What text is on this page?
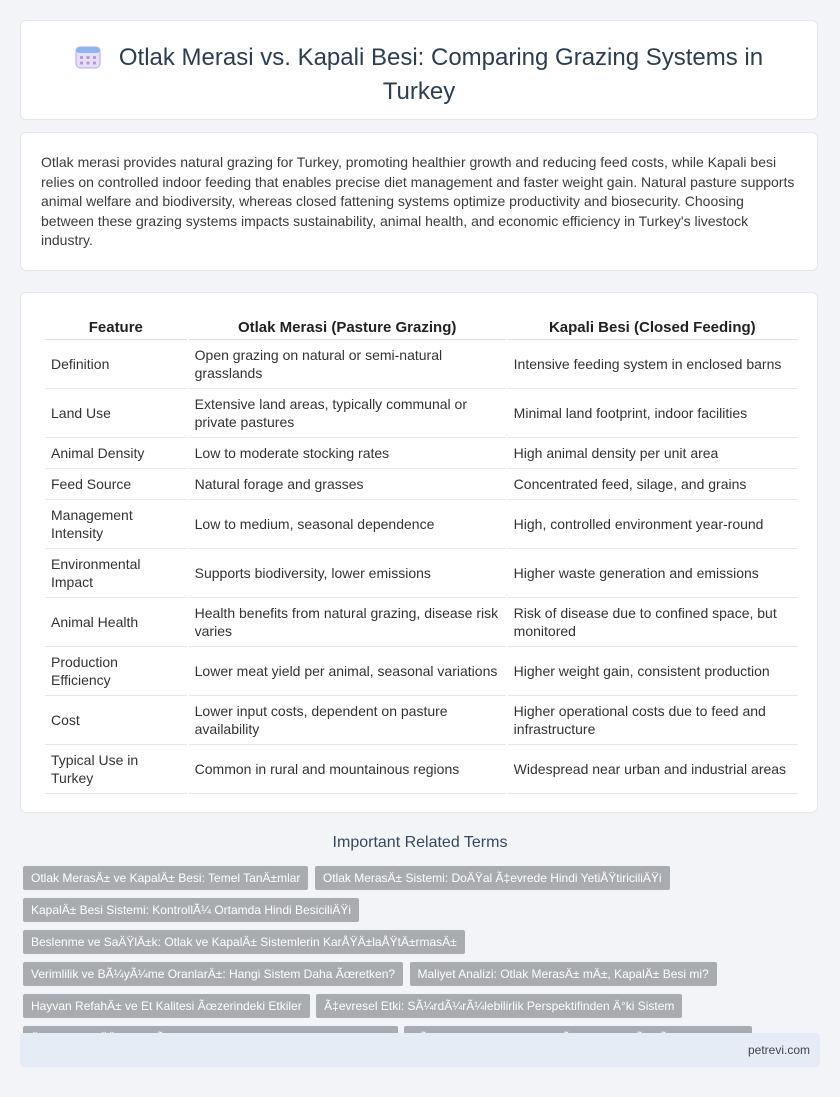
Otlak Merasi vs. Kapali Besi: Comparing Grazing Systems in Turkey
Otlak merasi provides natural grazing for Turkey, promoting healthier growth and reducing feed costs, while Kapali besi relies on controlled indoor feeding that enables precise diet management and faster weight gain. Natural pasture supports animal welfare and biodiversity, whereas closed fattening systems optimize productivity and biosecurity. Choosing between these grazing systems impacts sustainability, animal health, and economic efficiency in Turkey's livestock industry.
Feature	Otlak Merasi (Pasture Grazing)	Kapali Besi (Closed Feeding)
Definition	Open grazing on natural or semi-natural grasslands	Intensive feeding system in enclosed barns
Land Use	Extensive land areas, typically communal or private pastures	Minimal land footprint, indoor facilities
Animal Density	Low to moderate stocking rates	High animal density per unit area
Feed Source	Natural forage and grasses	Concentrated feed, silage, and grains
Management Intensity	Low to medium, seasonal dependence	High, controlled environment year-round
Environmental Impact	Supports biodiversity, lower emissions	Higher waste generation and emissions
Animal Health	Health benefits from natural grazing, disease risk varies	Risk of disease due to confined space, but monitored
Production Efficiency	Lower meat yield per animal, seasonal variations	Higher weight gain, consistent production
Cost	Lower input costs, dependent on pasture availability	Higher operational costs due to feed and infrastructure
Typical Use in Turkey	Common in rural and mountainous regions	Widespread near urban and industrial areas
Important Related Terms
Otlak MerasÄ± ve KapalÄ± Besi: Temel TanÄ±mlar Otlak MerasÄ± Sistemi: DoÄŸal Ã‡evrede Hindi YetiÅŸtiriciliÄŸi KapalÄ± Besi Sistemi: KontrollÃ¼ Ortamda Hindi BesiciliÄŸi Beslenme ve SaÄŸlÄ±k: Otlak ve KapalÄ± Sistemlerin KarÅŸÄ±laÅŸtÄ±rmasÄ± Verimlilik ve BÃ¼yÃ¼me OranlarÄ±: Hangi Sistem Daha Ãœretken? Maliyet Analizi: Otlak MerasÄ± mÄ±, KapalÄ± Besi mi? Hayvan RefahÄ± ve Et Kalitesi Ãœzerindeki Etkiler Ã‡evresel Etki: SÃ¼rdÃ¼rÃ¼lebilirlik Perspektifinden Ä°ki Sistem
petrevi.com
